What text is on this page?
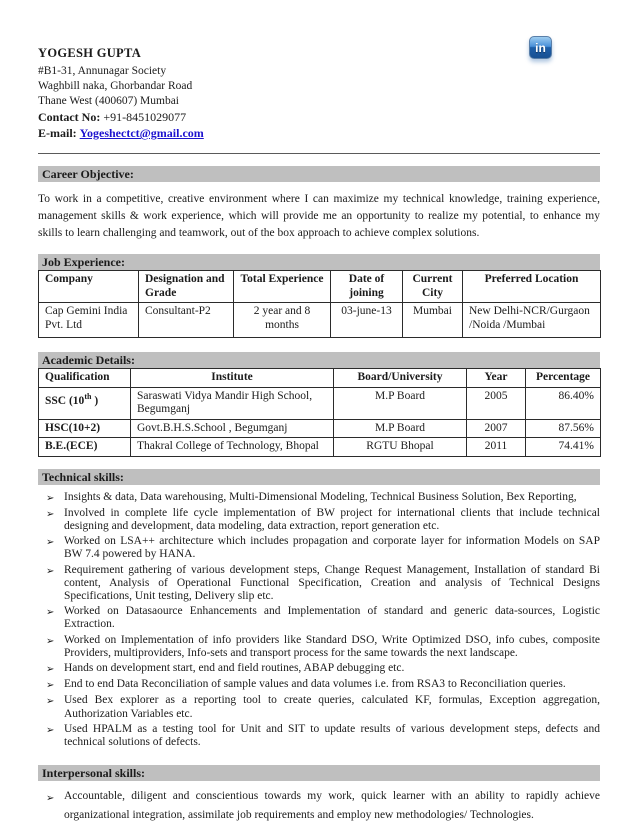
in
YOGESH GUPTA
#B1-31, Annunagar Society
Waghbill naka, Ghorbandar Road
Thane West (400607) Mumbai
Contact No: +91-8451029077
E-mail: Yogeshectct@gmail.com
Career Objective:

To work in a competitive, creative environment where I can maximize my technical knowledge, training experience, management skills & work experience, which will provide me an opportunity to realize my potential, to enhance my skills to learn challenging and teamwork, out of the box approach to achieve complex solutions.

Job Experience:
Company	Designation and Grade	Total Experience	Date of joining	Current City	Preferred Location
Cap Gemini India Pvt. Ltd	Consultant-P2	2 year and 8 months	03-june-13	Mumbai	New Delhi-NCR/Gurgaon /Noida /Mumbai
Academic Details:
Qualification	Institute	Board/University	Year	Percentage
SSC (10th )	Saraswati Vidya Mandir High School, Begumganj	M.P Board	2005	86.40%
HSC(10+2)	Govt.B.H.S.School , Begumganj	M.P Board	2007	87.56%
B.E.(ECE)	Thakral College of Technology, Bhopal	RGTU Bhopal	2011	74.41%
Technical skills:
➢ Insights & data, Data warehousing, Multi-Dimensional Modeling, Technical Business Solution, Bex Reporting,
➢ Involved in complete life cycle implementation of BW project for international clients that include technical designing and development, data modeling, data extraction, report generation etc.
➢ Worked on LSA++ architecture which includes propagation and corporate layer for information Models on SAP BW 7.4 powered by HANA.
➢ Requirement gathering of various development steps, Change Request Management, Installation of standard Bi content, Analysis of Operational Functional Specification, Creation and analysis of Technical Designs Specifications, Unit testing, Delivery slip etc.
➢ Worked on Datasaource Enhancements and Implementation of standard and generic data-sources, Logistic Extraction.
➢ Worked on Implementation of info providers like Standard DSO, Write Optimized DSO, info cubes, composite Providers, multiproviders, Info-sets and transport process for the same towards the next landscape.
➢ Hands on development start, end and field routines, ABAP debugging etc.
➢ End to end Data Reconciliation of sample values and data volumes i.e. from RSA3 to Reconciliation queries.
➢ Used Bex explorer as a reporting tool to create queries, calculated KF, formulas, Exception aggregation, Authorization Variables etc.
➢ Used HPALM as a testing tool for Unit and SIT to update results of various development steps, defects and technical solutions of defects.
Interpersonal skills:
➢ Accountable, diligent and conscientious towards my work, quick learner with an ability to rapidly achieve organizational integration, assimilate job requirements and employ new methodologies/ Technologies.
